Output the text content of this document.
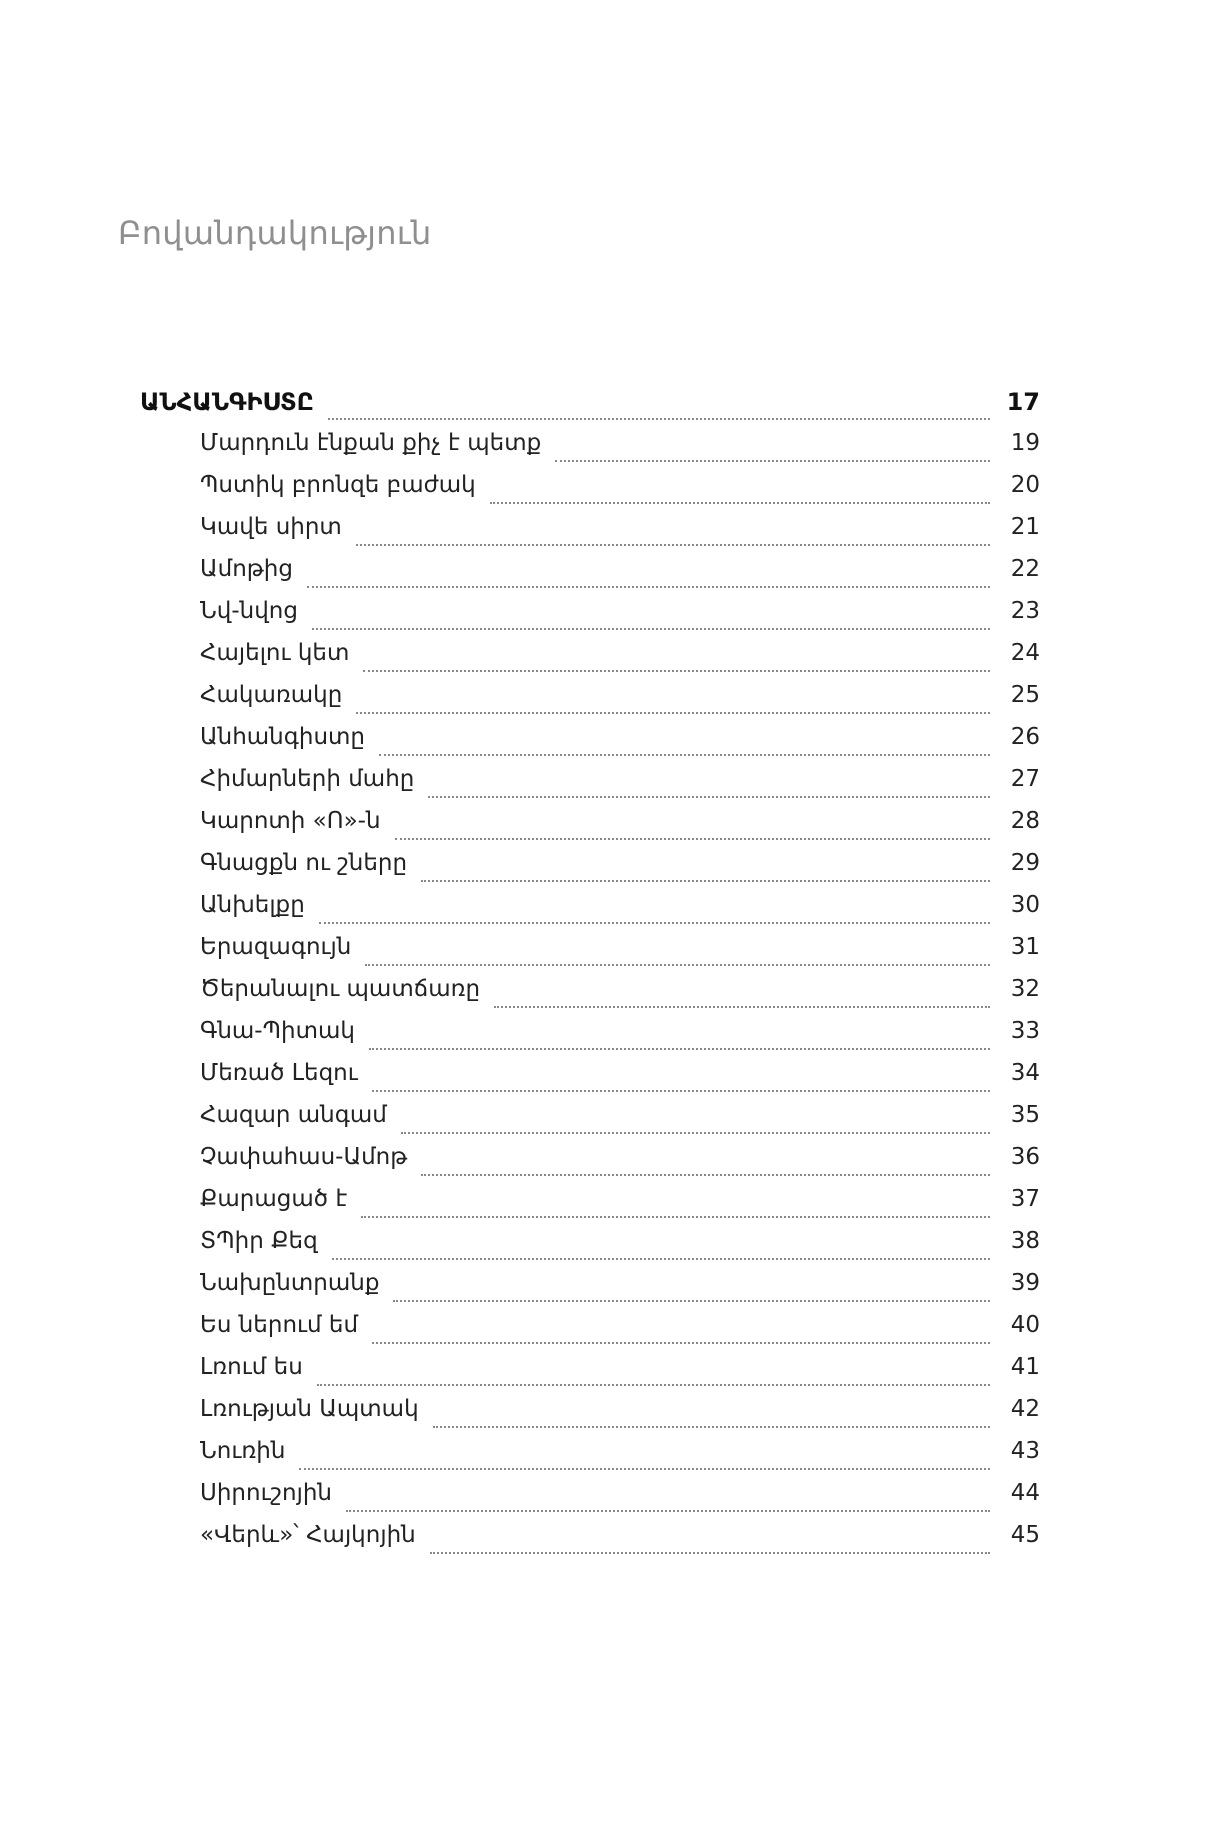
Բովանդակություն
ԱՆՀԱՆԳԻՍՏԸ	17
Մարդուն էնքան քիչ է պետք	19
Պստիկ բրոնզե բաժակ	20
Կավե սիրտ	21
Ամոթից	22
Նվ-նվոց	23
Հայելու կետ	24
Հակառակը	25
Անհանգիստը	26
Հիմարների մահը	27
Կարոտի «Ո»-ն	28
Գնացքն ու շները	29
Անխելքը	30
Երազագույն	31
Ծերանալու պատճառը	32
Գնա-Պիտակ	33
Մեռած Լեզու	34
Հազար անգամ	35
Չափահաս-Ամոթ	36
Քարացած է	37
ՏՊիր Քեզ	38
Նախընտրանք	39
Ես ներում եմ	40
Լռում ես	41
Լռության Ապտակ	42
Նուռին	43
Սիրուշոյին	44
«Վերև»՝ Հայկոյին	45
